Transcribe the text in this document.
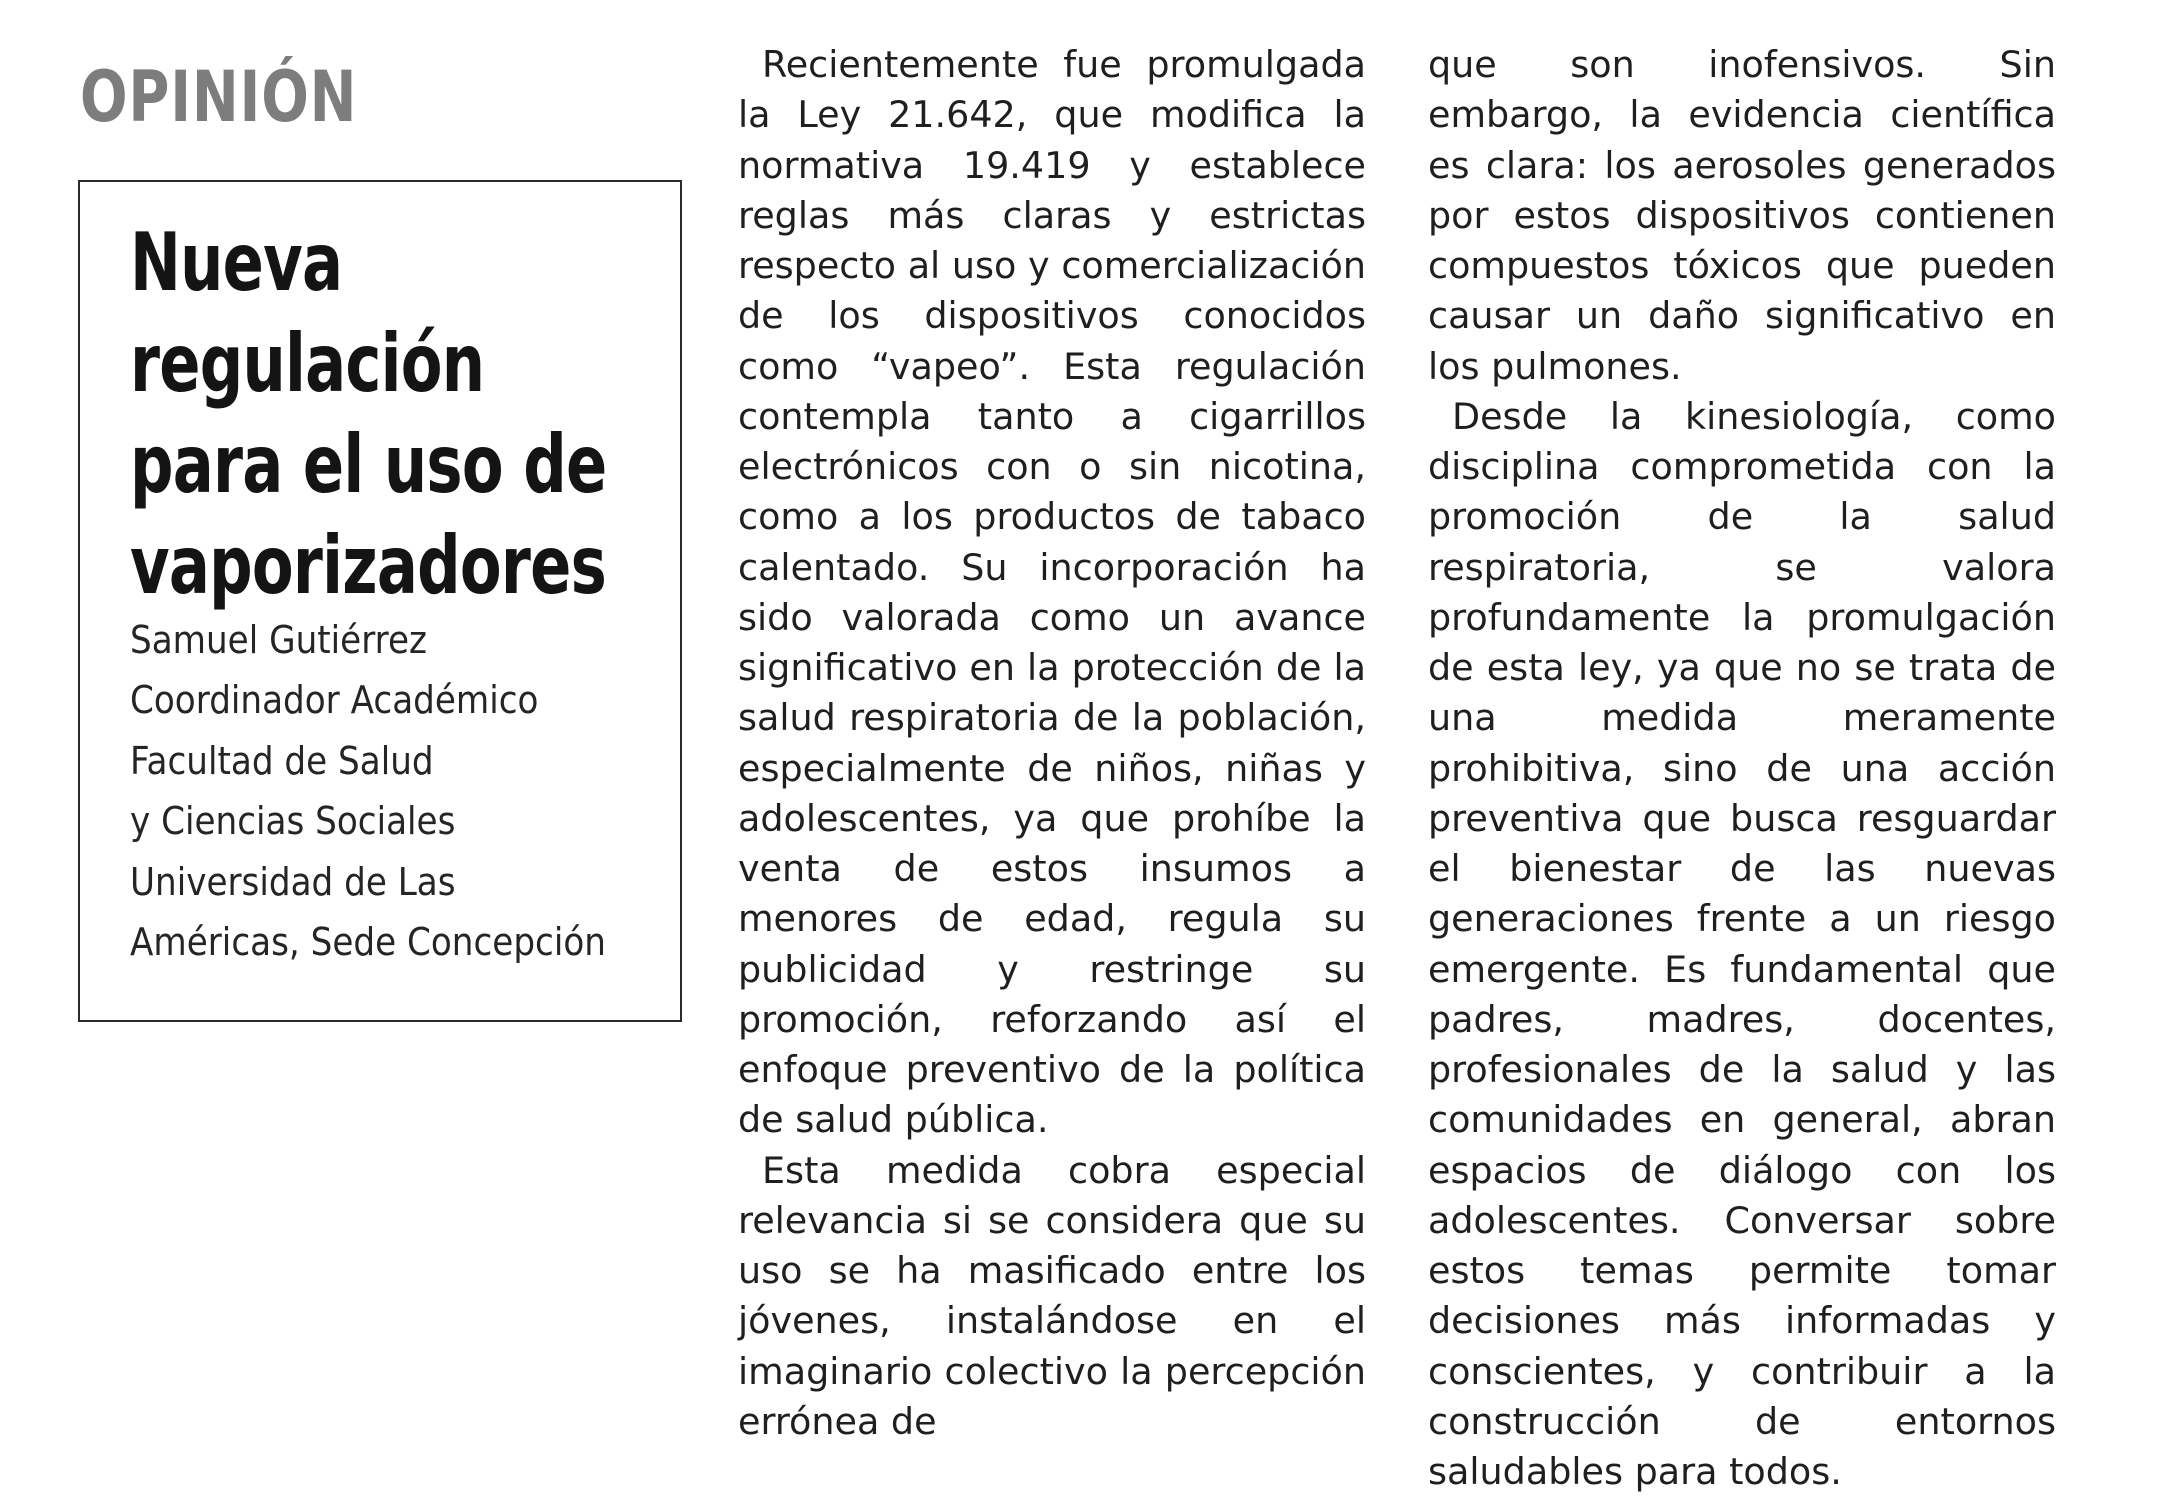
OPINIÓN
Nueva
regulación
para el uso de
vaporizadores
Samuel Gutiérrez
Coordinador Académico
Facultad de Salud
y Ciencias Sociales
Universidad de Las
Américas, Sede Concepción

Recientemente fue promulgada la Ley 21.642, que modifica la normativa 19.419 y establece reglas más claras y estrictas respecto al uso y comercialización de los dispositivos conocidos como “vapeo”. Esta regulación contempla tanto a cigarrillos electrónicos con o sin nicotina, como a los productos de tabaco calentado. Su incorporación ha sido valorada como un avance significativo en la protección de la salud respiratoria de la población, especialmente de niños, niñas y adolescentes, ya que prohíbe la venta de estos insumos a menores de edad, regula su publicidad y restringe su promoción, reforzando así el enfoque preventivo de la política de salud pública.

Esta medida cobra especial relevancia si se considera que su uso se ha masificado entre los jóvenes, instalándose en el imaginario colectivo la percepción errónea de

que son inofensivos. Sin embargo, la evidencia científica es clara: los aerosoles generados por estos dispositivos contienen compuestos tóxicos que pueden causar un daño significativo en los pulmones.

Desde la kinesiología, como disciplina comprometida con la promoción de la salud respiratoria, se valora profundamente la promulgación de esta ley, ya que no se trata de una medida meramente prohibitiva, sino de una acción preventiva que busca resguardar el bienestar de las nuevas generaciones frente a un riesgo emergente. Es fundamental que padres, madres, docentes, profesionales de la salud y las comunidades en general, abran espacios de diálogo con los adolescentes. Conversar sobre estos temas permite tomar decisiones más informadas y conscientes, y contribuir a la construcción de entornos saludables para todos.
